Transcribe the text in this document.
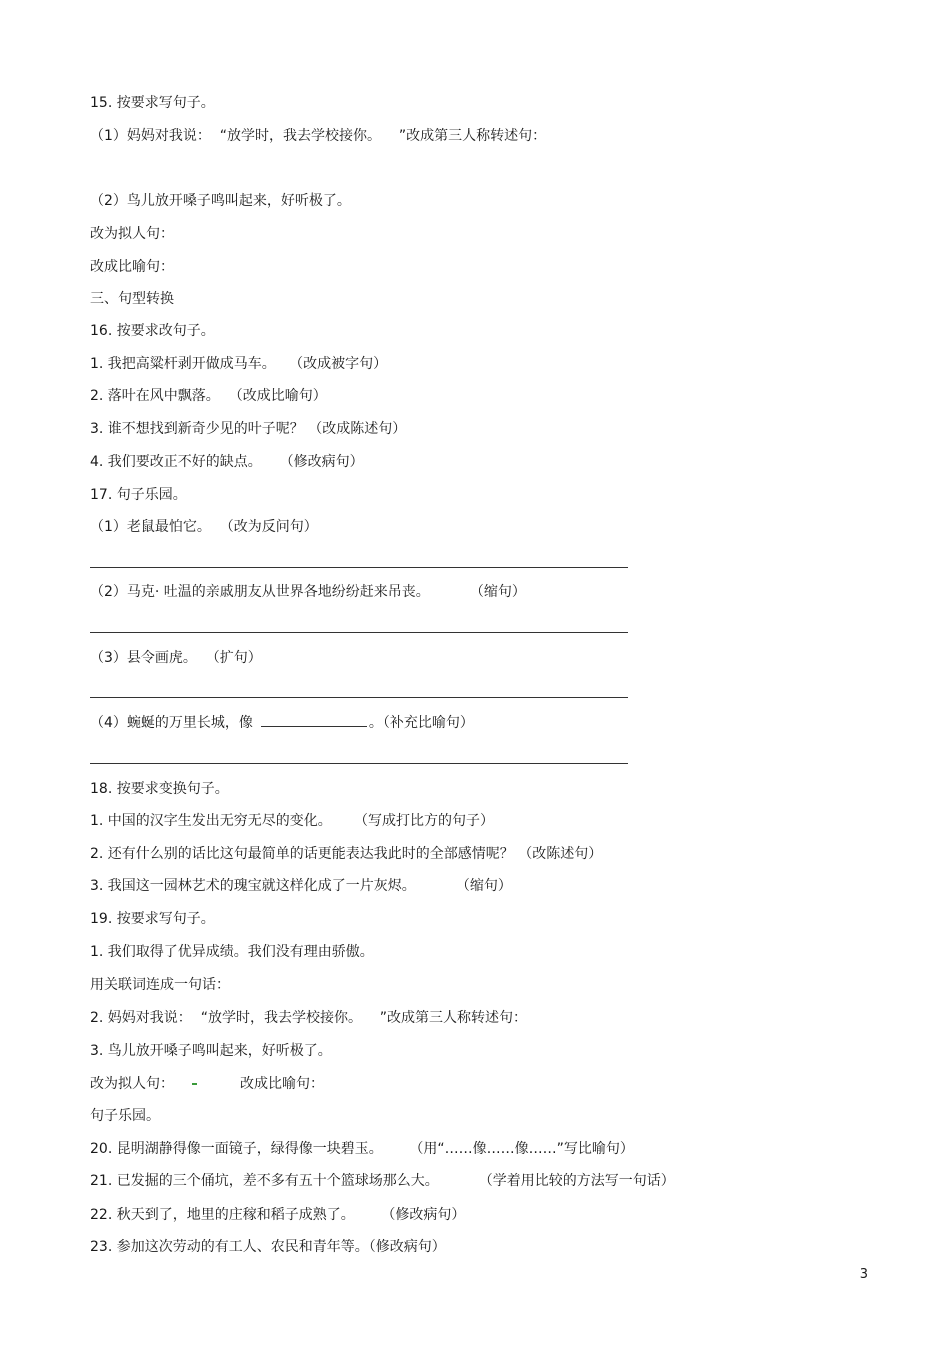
15. 按要求写句子。
（1）妈妈对我说：  “放学时，我去学校接你。    ”改成第三人称转述句：
（2）鸟儿放开嗓子鸣叫起来，好听极了。
改为拟人句：
改成比喻句：
三、句型转换
16. 按要求改句子。
1. 我把高粱杆剥开做成马车。   （改成被字句）
2. 落叶在风中飘落。  （改成比喻句）
3. 谁不想找到新奇少见的叶子呢？ （改成陈述句）
4. 我们要改正不好的缺点。    （修改病句）
17. 句子乐园。
（1）老鼠最怕它。  （改为反问句）
（2）马克· 吐温的亲戚朋友从世界各地纷纷赶来吊丧。         （缩句）
（3）县令画虎。  （扩句）
（4）蜿蜒的万里长城，像	。（补充比喻句）
18. 按要求变换句子。
1. 中国的汉字生发出无穷无尽的变化。     （写成打比方的句子）
2. 还有什么别的话比这句最简单的话更能表达我此时的全部感情呢？ （改陈述句）
3. 我国这一园林艺术的瑰宝就这样化成了一片灰烬。         （缩句）
19. 按要求写句子。
1. 我们取得了优异成绩。我们没有理由骄傲。
用关联词连成一句话：
2. 妈妈对我说：  “放学时，我去学校接你。    ”改成第三人称转述句：
3. 鸟儿放开嗓子鸣叫起来，好听极了。
改为拟人句：	改成比喻句：
句子乐园。
20. 昆明湖静得像一面镜子，绿得像一块碧玉。      （用“……像……像……”写比喻句）
21. 已发掘的三个俑坑，差不多有五十个篮球场那么大。         （学着用比较的方法写一句话）
22. 秋天到了，地里的庄稼和稻子成熟了。      （修改病句）
23. 参加这次劳动的有工人、农民和青年等。（修改病句）
3
